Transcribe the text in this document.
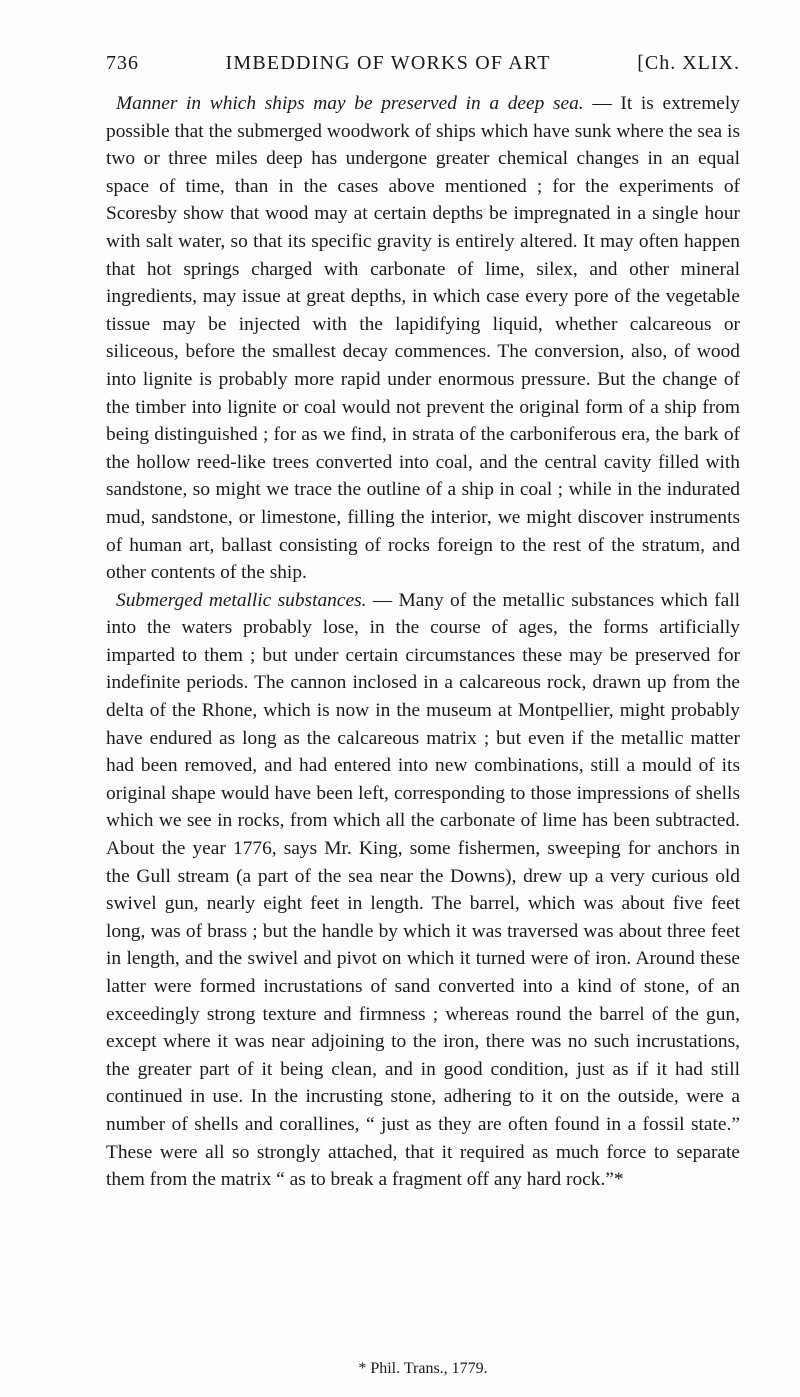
736	IMBEDDING OF WORKS OF ART	[Ch. XLIX.

Manner in which ships may be preserved in a deep sea. — It is extremely possible that the submerged woodwork of ships which have sunk where the sea is two or three miles deep has undergone greater chemical changes in an equal space of time, than in the cases above mentioned ; for the experiments of Scoresby show that wood may at certain depths be impregnated in a single hour with salt water, so that its specific gravity is entirely altered. It may often happen that hot springs charged with carbonate of lime, silex, and other mineral ingredients, may issue at great depths, in which case every pore of the vegetable tissue may be injected with the lapidifying liquid, whether calcareous or siliceous, before the smallest decay commences. The conversion, also, of wood into lignite is probably more rapid under enormous pressure. But the change of the timber into lignite or coal would not prevent the original form of a ship from being distinguished ; for as we find, in strata of the carboniferous era, the bark of the hollow reed-like trees converted into coal, and the central cavity filled with sandstone, so might we trace the outline of a ship in coal ; while in the indurated mud, sandstone, or limestone, filling the interior, we might discover instruments of human art, ballast consisting of rocks foreign to the rest of the stratum, and other contents of the ship.

Submerged metallic substances. — Many of the metallic substances which fall into the waters probably lose, in the course of ages, the forms artificially imparted to them ; but under certain circumstances these may be preserved for indefinite periods. The cannon inclosed in a calcareous rock, drawn up from the delta of the Rhone, which is now in the museum at Montpellier, might probably have endured as long as the calcareous matrix ; but even if the metallic matter had been removed, and had entered into new combinations, still a mould of its original shape would have been left, corresponding to those impressions of shells which we see in rocks, from which all the carbonate of lime has been subtracted. About the year 1776, says Mr. King, some fishermen, sweeping for anchors in the Gull stream (a part of the sea near the Downs), drew up a very curious old swivel gun, nearly eight feet in length. The barrel, which was about five feet long, was of brass ; but the handle by which it was traversed was about three feet in length, and the swivel and pivot on which it turned were of iron. Around these latter were formed incrustations of sand converted into a kind of stone, of an exceedingly strong texture and firmness ; whereas round the barrel of the gun, except where it was near adjoining to the iron, there was no such incrustations, the greater part of it being clean, and in good condition, just as if it had still continued in use. In the incrusting stone, adhering to it on the outside, were a number of shells and corallines, “ just as they are often found in a fossil state.” These were all so strongly attached, that it required as much force to separate them from the matrix “ as to break a fragment off any hard rock.”*

* Phil. Trans., 1779.
